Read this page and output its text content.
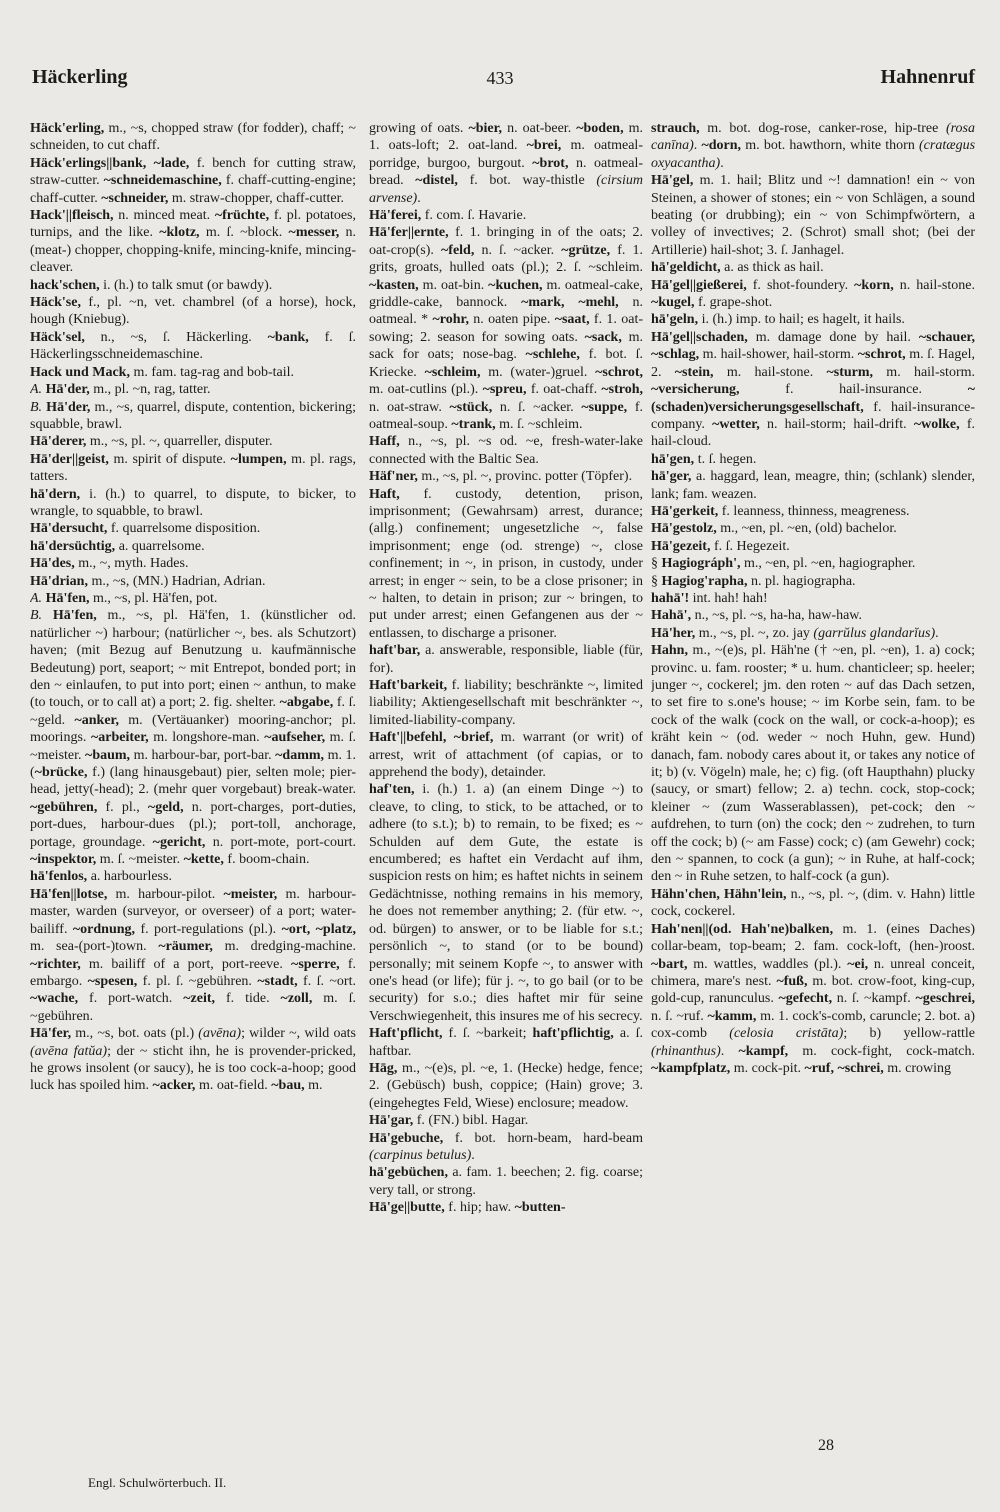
Häckerling	433	Hahnenruf

Häck'erling, m., ~s, chopped straw (for fodder), chaff; ~ schneiden, to cut chaff.

Häck'erlings||bank, ~lade, f. bench for cutting straw, straw-cutter. ~schneidemaschine, f. chaff-cutting-engine; chaff-cutter. ~schneider, m. straw-chopper, chaff-cutter.

Hack'||fleisch, n. minced meat. ~früchte, f. pl. potatoes, turnips, and the like. ~klotz, m. ſ. ~block. ~messer, n. (meat-) chopper, chopping-knife, mincing-knife, mincing-cleaver.

hack'schen, i. (h.) to talk smut (or bawdy).

Häck'se, f., pl. ~n, vet. chambrel (of a horse), hock, hough (Kniebug).

Häck'sel, n., ~s, ſ. Häckerling. ~bank, f. ſ. Häckerlingsschneidemaschine.

Hack und Mack, m. fam. tag-rag and bob-tail.

A. Hā'der, m., pl. ~n, rag, tatter.

B. Hā'der, m., ~s, quarrel, dispute, contention, bickering; squabble, brawl.

Hā'derer, m., ~s, pl. ~, quarreller, disputer.

Hā'der||geist, m. spirit of dispute. ~lumpen, m. pl. rags, tatters.

hā'dern, i. (h.) to quarrel, to dispute, to bicker, to wrangle, to squabble, to brawl.

Hā'dersucht, f. quarrelsome disposition.

hā'dersüchtig, a. quarrelsome.

Hā'des, m., ~, myth. Hades.

Hā'drian, m., ~s, (MN.) Hadrian, Adrian.

A. Hā'fen, m., ~s, pl. Hä'fen, pot.

B. Hā'fen, m., ~s, pl. Hä'fen, 1. (künstlicher od. natürlicher ~) harbour; (natürlicher ~, bes. als Schutzort) haven; (mit Bezug auf Benutzung u. kaufmännische Bedeutung) port, seaport; ~ mit Entrepot, bonded port; in den ~ einlaufen, to put into port; einen ~ anthun, to make (to touch, or to call at) a port; 2. fig. shelter. ~abgabe, f. ſ. ~geld. ~anker, m. (Vertäuanker) mooring-anchor; pl. moorings. ~arbeiter, m. longshore-man. ~aufseher, m. ſ. ~meister. ~baum, m. harbour-bar, port-bar. ~damm, m. 1. (~brücke, f.) (lang hinausgebaut) pier, selten mole; pier-head, jetty(-head); 2. (mehr quer vorgebaut) break-water. ~gebühren, f. pl., ~geld, n. port-charges, port-duties, port-dues, harbour-dues (pl.); port-toll, anchorage, portage, groundage. ~gericht, n. port-mote, port-court. ~inspektor, m. ſ. ~meister. ~kette, f. boom-chain.

hā'fenlos, a. harbourless.

Hā'fen||lotse, m. harbour-pilot. ~meister, m. harbour-master, warden (surveyor, or overseer) of a port; water-bailiff. ~ordnung, f. port-regulations (pl.). ~ort, ~platz, m. sea-(port-)town. ~räumer, m. dredging-machine. ~richter, m. bailiff of a port, port-reeve. ~sperre, f. embargo. ~spesen, f. pl. ſ. ~gebühren. ~stadt, f. ſ. ~ort. ~wache, f. port-watch. ~zeit, f. tide. ~zoll, m. ſ. ~gebühren.

Hā'fer, m., ~s, bot. oats (pl.) (avēna); wilder ~, wild oats (avēna fatŭa); der ~ sticht ihn, he is provender-pricked, he grows insolent (or saucy), he is too cock-a-hoop; good luck has spoiled him. ~acker, m. oat-field. ~bau, m.

growing of oats. ~bier, n. oat-beer. ~boden, m. 1. oats-loft; 2. oat-land. ~brei, m. oatmeal-porridge, burgoo, burgout. ~brot, n. oatmeal-bread. ~distel, f. bot. way-thistle (cirsium arvense).

Hä'ferei, f. com. ſ. Havarie.

Hā'fer||ernte, f. 1. bringing in of the oats; 2. oat-crop(s). ~feld, n. ſ. ~acker. ~grütze, f. 1. grits, groats, hulled oats (pl.); 2. ſ. ~schleim. ~kasten, m. oat-bin. ~kuchen, m. oatmeal-cake, griddle-cake, bannock. ~mark, ~mehl, n. oatmeal. * ~rohr, n. oaten pipe. ~saat, f. 1. oat-sowing; 2. season for sowing oats. ~sack, m. sack for oats; nose-bag. ~schlehe, f. bot. ſ. Kriecke. ~schleim, m. (water-)gruel. ~schrot, m. oat-cutlins (pl.). ~spreu, f. oat-chaff. ~stroh, n. oat-straw. ~stück, n. ſ. ~acker. ~suppe, f. oatmeal-soup. ~trank, m. ſ. ~schleim.

Haff, n., ~s, pl. ~s od. ~e, fresh-water-lake connected with the Baltic Sea.

Häf'ner, m., ~s, pl. ~, provinc. potter (Töpfer).

Haft, f. custody, detention, prison, imprisonment; (Gewahrsam) arrest, durance; (allg.) confinement; ungesetzliche ~, false imprisonment; enge (od. strenge) ~, close confinement; in ~, in prison, in custody, under arrest; in enger ~ sein, to be a close prisoner; in ~ halten, to detain in prison; zur ~ bringen, to put under arrest; einen Gefangenen aus der ~ entlassen, to discharge a prisoner.

haft'bar, a. answerable, responsible, liable (für, for).

Haft'barkeit, f. liability; beschränkte ~, limited liability; Aktiengesellschaft mit beschränkter ~, limited-liability-company.

Haft'||befehl, ~brief, m. warrant (or writ) of arrest, writ of attachment (of capias, or to apprehend the body), detainder.

haf'ten, i. (h.) 1. a) (an einem Dinge ~) to cleave, to cling, to stick, to be attached, or to adhere (to s.t.); b) to remain, to be fixed; es ~ Schulden auf dem Gute, the estate is encumbered; es haftet ein Verdacht auf ihm, suspicion rests on him; es haftet nichts in seinem Gedächtnisse, nothing remains in his memory, he does not remember anything; 2. (für etw. ~, od. bürgen) to answer, or to be liable for s.t.; persönlich ~, to stand (or to be bound) personally; mit seinem Kopfe ~, to answer with one's head (or life); für j. ~, to go bail (or to be security) for s.o.; dies haftet mir für seine Verschwiegenheit, this insures me of his secrecy.

Haft'pflicht, f. ſ. ~barkeit; haft'pflichtig, a. ſ. haftbar.

Hāg, m., ~(e)s, pl. ~e, 1. (Hecke) hedge, fence; 2. (Gebüsch) bush, coppice; (Hain) grove; 3. (eingehegtes Feld, Wiese) enclosure; meadow.

Hā'gar, f. (FN.) bibl. Hagar.

Hā'gebuche, f. bot. horn-beam, hard-beam (carpinus betulus).

hā'gebüchen, a. fam. 1. beechen; 2. fig. coarse; very tall, or strong.

Hā'ge||butte, f. hip; haw. ~butten-

strauch, m. bot. dog-rose, canker-rose, hip-tree (rosa canīna). ~dorn, m. bot. hawthorn, white thorn (cratægus oxyacantha).

Hā'gel, m. 1. hail; Blitz und ~! damnation! ein ~ von Steinen, a shower of stones; ein ~ von Schlägen, a sound beating (or drubbing); ein ~ von Schimpfwörtern, a volley of invectives; 2. (Schrot) small shot; (bei der Artillerie) hail-shot; 3. ſ. Janhagel.

hā'geldicht, a. as thick as hail.

Hā'gel||gießerei, f. shot-foundery. ~korn, n. hail-stone. ~kugel, f. grape-shot.

hā'geln, i. (h.) imp. to hail; es hagelt, it hails.

Hā'gel||schaden, m. damage done by hail. ~schauer, ~schlag, m. hail-shower, hail-storm. ~schrot, m. ſ. Hagel, 2. ~stein, m. hail-stone. ~sturm, m. hail-storm. ~versicherung, f. hail-insurance. ~(schaden)versicherungsgesellschaft, f. hail-insurance-company. ~wetter, n. hail-storm; hail-drift. ~wolke, f. hail-cloud.

hā'gen, t. ſ. hegen.

hā'ger, a. haggard, lean, meagre, thin; (schlank) slender, lank; fam. weazen.

Hā'gerkeit, f. leanness, thinness, meagreness.

Hā'gestolz, m., ~en, pl. ~en, (old) bachelor.

Hā'gezeit, f. ſ. Hegezeit.

§ Hagiográph', m., ~en, pl. ~en, hagiographer.

§ Hagiog'rapha, n. pl. hagiographa.

hahā'! int. hah! hah!

Hahā', n., ~s, pl. ~s, ha-ha, haw-haw.

Hā'her, m., ~s, pl. ~, zo. jay (garrŭlus glandarĭus).

Hahn, m., ~(e)s, pl. Häh'ne († ~en, pl. ~en), 1. a) cock; provinc. u. fam. rooster; * u. hum. chanticleer; sp. heeler; junger ~, cockerel; jm. den roten ~ auf das Dach setzen, to set fire to s.one's house; ~ im Korbe sein, fam. to be cock of the walk (cock on the wall, or cock-a-hoop); es kräht kein ~ (od. weder ~ noch Huhn, gew. Hund) danach, fam. nobody cares about it, or takes any notice of it; b) (v. Vögeln) male, he; c) fig. (oft Haupthahn) plucky (saucy, or smart) fellow; 2. a) techn. cock, stop-cock; kleiner ~ (zum Wasserablassen), pet-cock; den ~ aufdrehen, to turn (on) the cock; den ~ zudrehen, to turn off the cock; b) (~ am Fasse) cock; c) (am Gewehr) cock; den ~ spannen, to cock (a gun); ~ in Ruhe, at half-cock; den ~ in Ruhe setzen, to half-cock (a gun).

Hähn'chen, Hähn'lein, n., ~s, pl. ~, (dim. v. Hahn) little cock, cockerel.

Hah'nen||(od. Hah'ne)balken, m. 1. (eines Daches) collar-beam, top-beam; 2. fam. cock-loft, (hen-)roost. ~bart, m. wattles, waddles (pl.). ~ei, n. unreal conceit, chimera, mare's nest. ~fuß, m. bot. crow-foot, king-cup, gold-cup, ranunculus. ~gefecht, n. ſ. ~kampf. ~geschrei, n. ſ. ~ruf. ~kamm, m. 1. cock's-comb, caruncle; 2. bot. a) cox-comb (celosia cristāta); b) yellow-rattle (rhinanthus). ~kampf, m. cock-fight, cock-match. ~kampfplatz, m. cock-pit. ~ruf, ~schrei, m. crowing

28
Engl. Schulwörterbuch. II.
